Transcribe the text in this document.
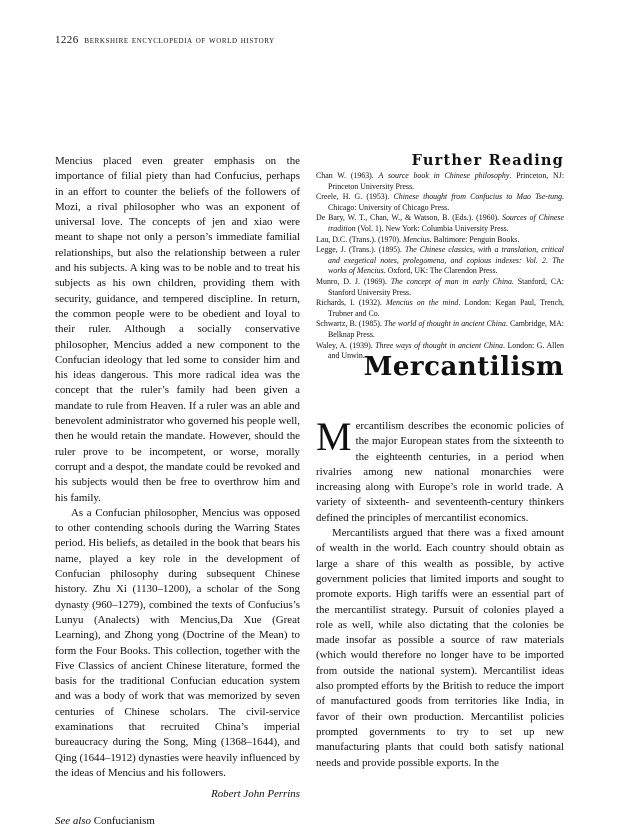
1226 berkshire encyclopedia of world history

Mencius placed even greater emphasis on the importance of filial piety than had Confucius, perhaps in an effort to counter the beliefs of the followers of Mozi, a rival philosopher who was an exponent of universal love. The concepts of jen and xiao were meant to shape not only a person’s immediate familial relationships, but also the relationship between a ruler and his subjects. A king was to be noble and to treat his subjects as his own children, providing them with security, guidance, and tempered discipline. In return, the common people were to be obedient and loyal to their ruler. Although a socially conservative philosopher, Mencius added a new component to the Confucian ideology that led some to consider him and his ideas dangerous. This more radical idea was the concept that the ruler’s family had been given a mandate to rule from Heaven. If a ruler was an able and benevolent administrator who governed his people well, then he would retain the mandate. However, should the ruler prove to be incompetent, or worse, morally corrupt and a despot, the mandate could be revoked and his subjects would then be free to overthrow him and his family.

As a Confucian philosopher, Mencius was opposed to other contending schools during the Warring States period. His beliefs, as detailed in the book that bears his name, played a key role in the development of Confucian philosophy during subsequent Chinese history. Zhu Xi (1130–1200), a scholar of the Song dynasty (960–1279), combined the texts of Confucius’s Lunyu (Analects) with Mencius,Da Xue (Great Learning), and Zhong yong (Doctrine of the Mean) to form the Four Books. This collection, together with the Five Classics of ancient Chinese literature, formed the basis for the traditional Confucian education system and was a body of work that was memorized by seven centuries of Chinese scholars. The civil-service examinations that recruited China’s imperial bureaucracy during the Song, Ming (1368–1644), and Qing (1644–1912) dynasties were heavily influenced by the ideas of Mencius and his followers.

Robert John Perrins

See also Confucianism

Further Reading
Chan W. (1963). A source book in Chinese philosophy. Princeton, NJ: Princeton University Press.
Creele, H. G. (1953). Chinese thought from Confucius to Mao Tse-tung. Chicago: University of Chicago Press.
De Bary, W. T., Chan, W., & Watson, B. (Eds.). (1960). Sources of Chinese tradition (Vol. 1). New York: Columbia University Press.
Lau, D.C. (Trans.). (1970). Mencius. Baltimore: Penguin Books.
Legge, J. (Trans.). (1895). The Chinese classics, with a translation, critical and exegetical notes, prolegomena, and copious indexes: Vol. 2. The works of Mencius. Oxford, UK: The Clarendon Press.
Munro, D. J. (1969). The concept of man in early China. Stanford, CA: Stanford University Press.
Richards, I. (1932). Mencius on the mind. London: Kegan Paul, Trench, Trubner and Co.
Schwartz, B. (1985). The world of thought in ancient China. Cambridge, MA: Belknap Press.
Waley, A. (1939). Three ways of thought in ancient China. London: G. Allen and Unwin.
Mercantilism

Mercantilism describes the economic policies of the major European states from the sixteenth to the eighteenth centuries, in a period when rivalries among new national monarchies were increasing along with Europe’s role in world trade. A variety of sixteenth- and seventeenth-century thinkers defined the principles of mercantilist economics.

Mercantilists argued that there was a fixed amount of wealth in the world. Each country should obtain as large a share of this wealth as possible, by active government policies that limited imports and sought to promote exports. High tariffs were an essential part of the mercantilist strategy. Pursuit of colonies played a role as well, while also dictating that the colonies be made insofar as possible a source of raw materials (which would therefore no longer have to be imported from outside the national system). Mercantilist ideas also prompted efforts by the British to reduce the import of manufactured goods from territories like India, in favor of their own production. Mercantilist policies prompted governments to try to set up new manufacturing plants that could both satisfy national needs and provide possible exports. In the
